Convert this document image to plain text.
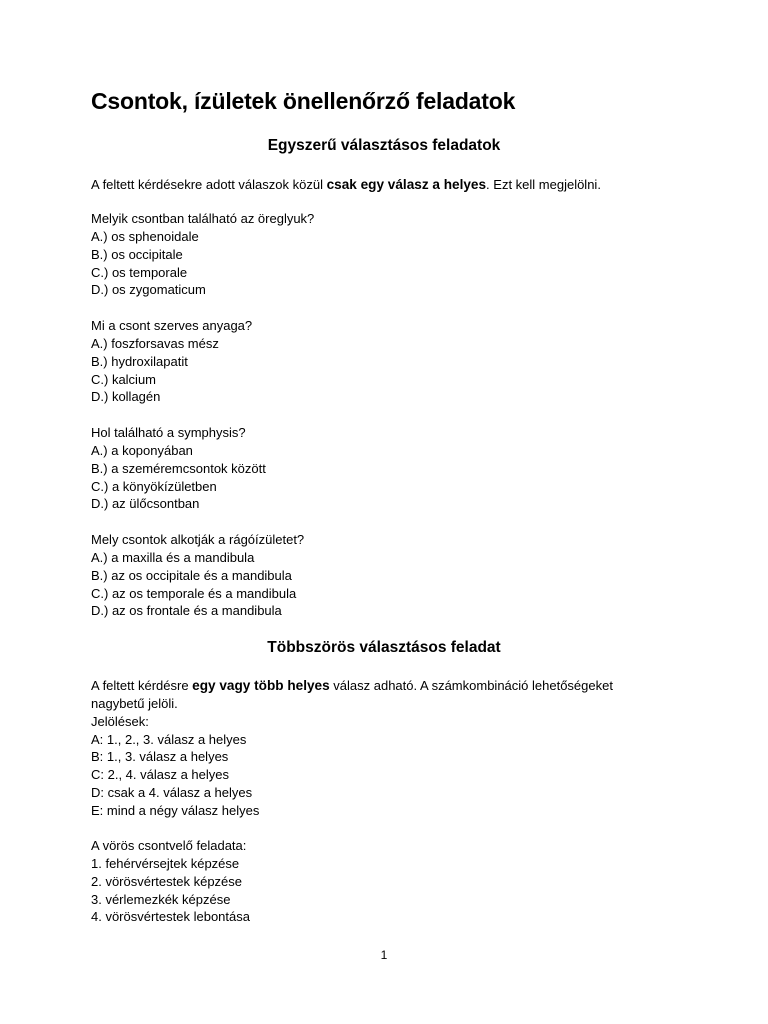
Csontok, ízületek önellenőrző feladatok
Egyszerű választásos feladatok
A feltett kérdésekre adott válaszok közül csak egy válasz a helyes. Ezt kell megjelölni.
Melyik csontban található az öreglyuk?
A.) os sphenoidale
B.) os occipitale
C.) os temporale
D.) os zygomaticum
Mi a csont szerves anyaga?
A.) foszforsavas mész
B.) hydroxilapatit
C.) kalcium
D.) kollagén
Hol található a symphysis?
A.) a koponyában
B.) a szeméremcsontok között
C.) a könyökízületben
D.) az ülőcsontban
Mely csontok alkotják a rágóízületet?
A.) a maxilla és a mandibula
B.) az os occipitale és a mandibula
C.) az os temporale és a mandibula
D.) az os frontale és a mandibula
Többszörös választásos feladat
A feltett kérdésre egy vagy több helyes válasz adható. A számkombináció lehetőségeket
nagybetű jelöli.
Jelölések:
A: 1., 2., 3. válasz a helyes
B: 1., 3. válasz a helyes
C: 2., 4. válasz a helyes
D: csak a 4. válasz a helyes
E: mind a négy válasz helyes
A vörös csontvelő feladata:
1. fehérvérsejtek képzése
2. vörösvértestek képzése
3. vérlemezkék képzése
4. vörösvértestek lebontása
1
